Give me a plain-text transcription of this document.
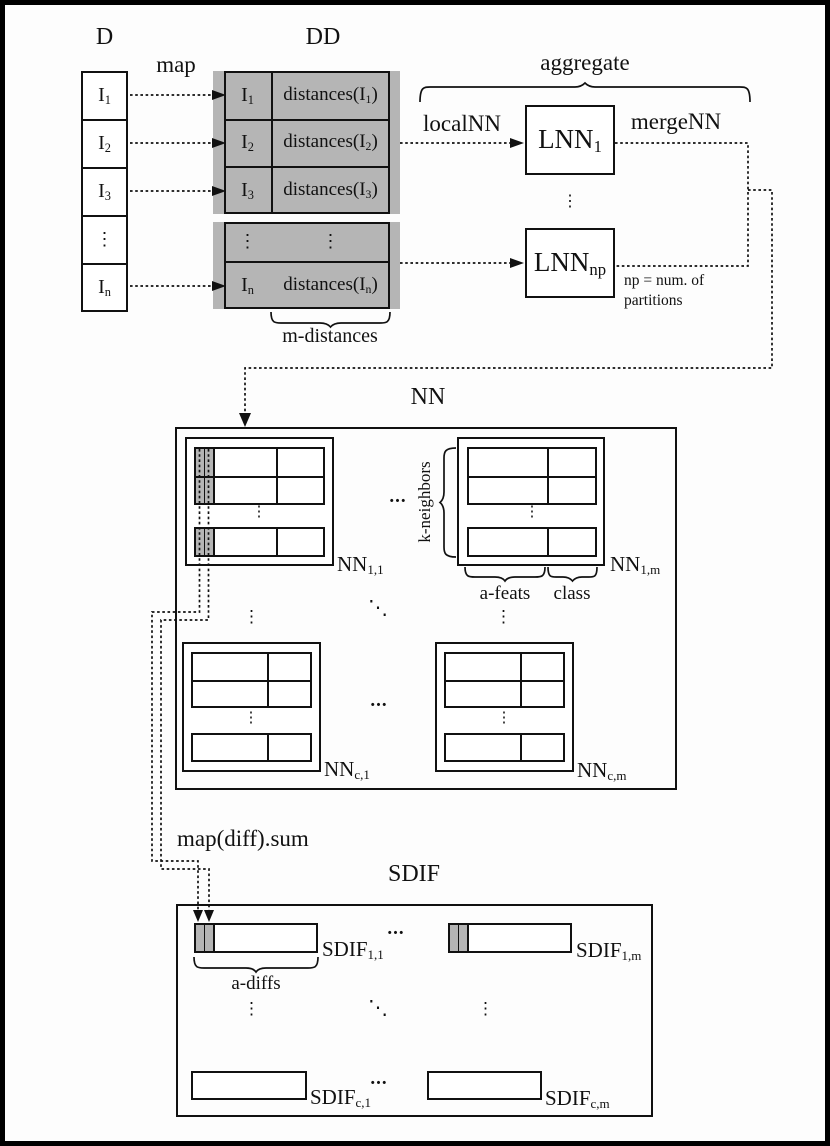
D
$I_1$
$I_2$
$I_3$
⋮
$I_n$
map
DD
$I_1$	$distances(I_1)$
$I_2$	$distances(I_2)$
$I_3$	$distances(I_3)$
⋮	⋮
$I_n$	$distances(I_n)$
m-distances
aggregate
localNN	mergeNN
$LNN_1$
⋮
$LNN_{np}$
np = num. of
partitions
NN
⋮
$NN_{1,1}$
k-neighbors	⋮
$NN_{1,m}$
a-feats	class
...
⋮	⋱	⋮
⋮
$NN_{c,1}$
...
⋮
$NN_{c,m}$
map(diff).sum
SDIF
$SDIF_{1,1}$
...
$SDIF_{1,m}$
a-diffs
⋮	⋱	⋮
$SDIF_{c,1}$
...
$SDIF_{c,m}$
